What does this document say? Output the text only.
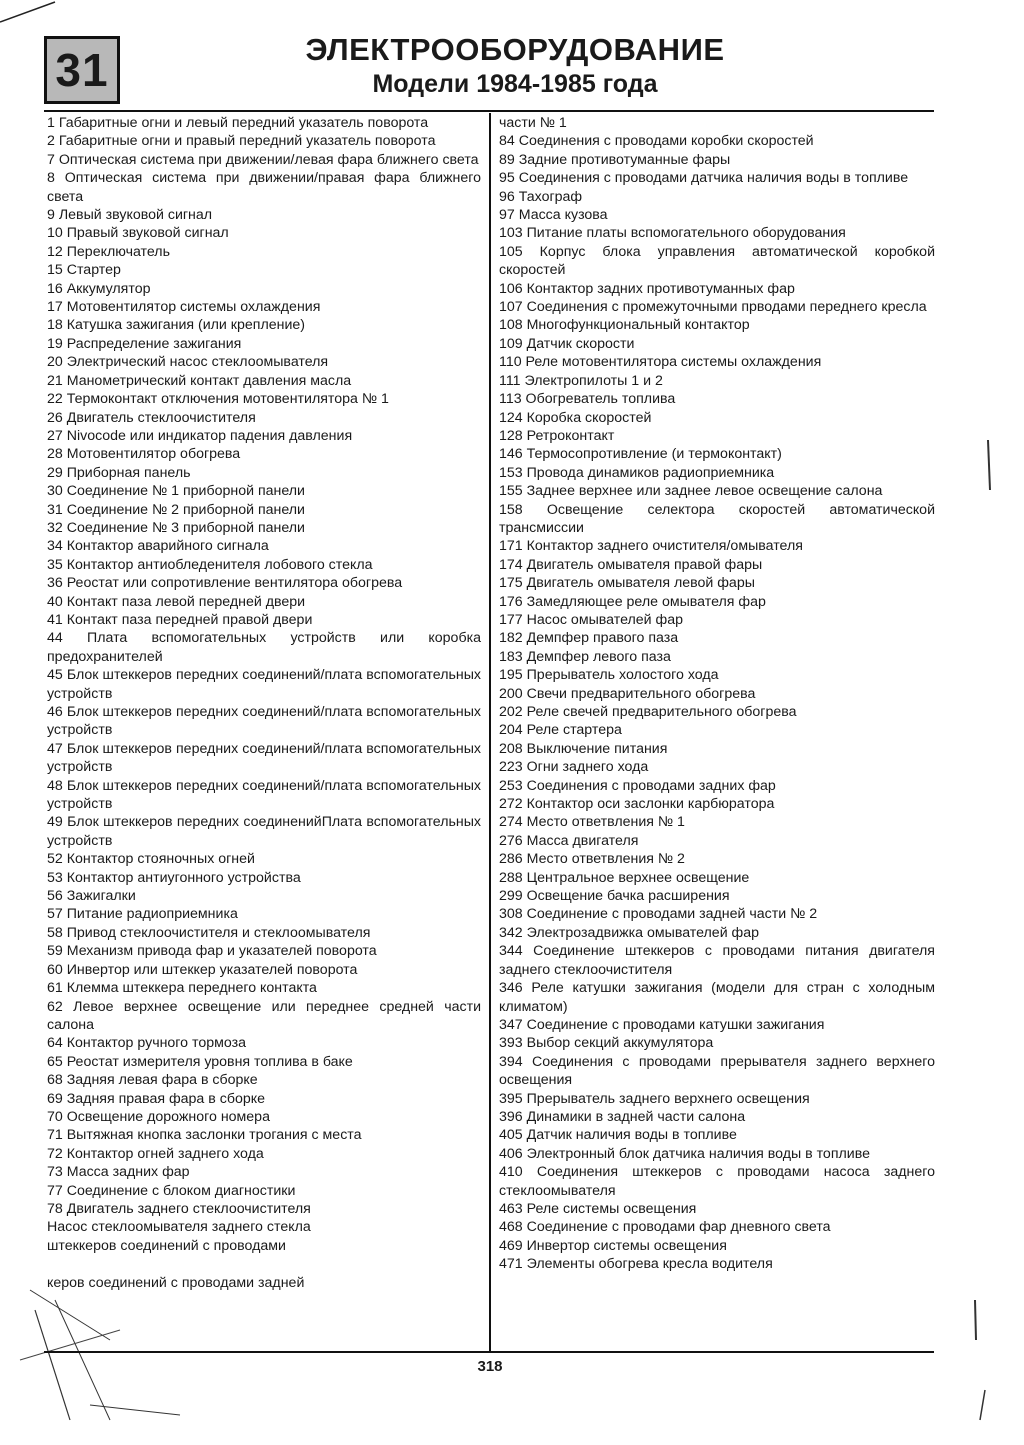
31	ЭЛЕКТРООБОРУДОВАНИЕ
Модели 1984-1985 года
1 Габаритные огни и левый передний указатель поворота
2 Габаритные огни и правый передний указатель поворота
7 Оптическая система при движении/левая фара ближнего света
8 Оптическая система при движении/правая фара ближнего света
9 Левый звуковой сигнал
10 Правый звуковой сигнал
12 Переключатель
15 Стартер
16 Аккумулятор
17 Мотовентилятор системы охлаждения
18 Катушка зажигания (или крепление)
19 Распределение зажигания
20 Электрический насос стеклоомывателя
21 Манометрический контакт давления масла
22 Термоконтакт отключения мотовентилятора № 1
26 Двигатель стеклоочистителя
27 Nivocode или индикатор падения давления
28 Мотовентилятор обогрева
29 Приборная панель
30 Соединение № 1 приборной панели
31 Соединение № 2 приборной панели
32 Соединение № 3 приборной панели
34 Контактор аварийного сигнала
35 Контактор антиобледенителя лобового стекла
36 Реостат или сопротивление вентилятора обогрева
40 Контакт паза левой передней двери
41 Контакт паза передней правой двери
44 Плата вспомогательных устройств или коробка предохранителей
45 Блок штеккеров передних соединений/плата вспомогательных устройств
46 Блок штеккеров передних соединений/плата вспомогательных устройств
47 Блок штеккеров передних соединений/плата вспомогательных устройств
48 Блок штеккеров передних соединений/плата вспомогательных устройств
49 Блок штеккеров передних соединенийПлата вспомогательных устройств
52 Контактор стояночных огней
53 Контактор антиугонного устройства
56 Зажигалки
57 Питание радиоприемника
58 Привод стеклоочистителя и стеклоомывателя
59 Механизм привода фар и указателей поворота
60 Инвертор или штеккер указателей поворота
61 Клемма штеккера переднего контакта
62 Левое верхнее освещение или переднее средней части салона
64 Контактор ручного тормоза
65 Реостат измерителя уровня топлива в баке
68 Задняя левая фара в сборке
69 Задняя правая фара в сборке
70 Освещение дорожного номера
71 Вытяжная кнопка заслонки трогания с места
72 Контактор огней заднего хода
73 Масса задних фар
77 Соединение с блоком диагностики
78 Двигатель заднего стеклоочистителя
Насос стеклоомывателя заднего стекла
штеккеров соединений с проводами

керов соединений с проводами задней
части № 1
84 Соединения с проводами коробки скоростей
89 Задние противотуманные фары
95 Соединения с проводами датчика наличия воды в топливе
96 Тахограф
97 Масса кузова
103 Питание платы вспомогательного оборудования
105 Корпус блока управления автоматической коробкой скоростей
106 Контактор задних противотуманных фар
107 Соединения с промежуточными прводами переднего кресла
108 Многофункциональный контактор
109 Датчик скорости
110 Реле мотовентилятора системы охлаждения
111 Электропилоты 1 и 2
113 Обогреватель топлива
124 Коробка скоростей
128 Ретроконтакт
146 Термосопротивление (и термоконтакт)
153 Провода динамиков радиоприемника
155 Заднее верхнее или заднее левое освещение салона
158 Освещение селектора скоростей автоматической трансмиссии
171 Контактор заднего очистителя/омывателя
174 Двигатель омывателя правой фары
175 Двигатель омывателя левой фары
176 Замедляющее реле омывателя фар
177 Насос омывателей фар
182 Демпфер правого паза
183 Демпфер левого паза
195 Прерыватель холостого хода
200 Свечи предварительного обогрева
202 Реле свечей предварительного обогрева
204 Реле стартера
208 Выключение питания
223 Огни заднего хода
253 Соединения с проводами задних фар
272 Контактор оси заслонки карбюратора
274 Место ответвления № 1
276 Масса двигателя
286 Место ответвления № 2
288 Центральное верхнее освещение
299 Освещение бачка расширения
308 Соединение с проводами задней части № 2
342 Электрозадвижка омывателей фар
344 Соединение штеккеров с проводами питания двигателя заднего стеклоочистителя
346 Реле катушки зажигания (модели для стран с холодным климатом)
347 Соединение с проводами катушки зажигания
393 Выбор секций аккумулятора
394 Соединения с проводами прерывателя заднего верхнего освещения
395 Прерыватель заднего верхнего освещения
396 Динамики в задней части салона
405 Датчик наличия воды в топливе
406 Электронный блок датчика наличия воды в топливе
410 Соединения штеккеров с проводами насоса заднего стеклоомывателя
463 Реле системы освещения
468 Соединение с проводами фар дневного света
469 Инвертор системы освещения
471 Элементы обогрева кресла водителя
318
